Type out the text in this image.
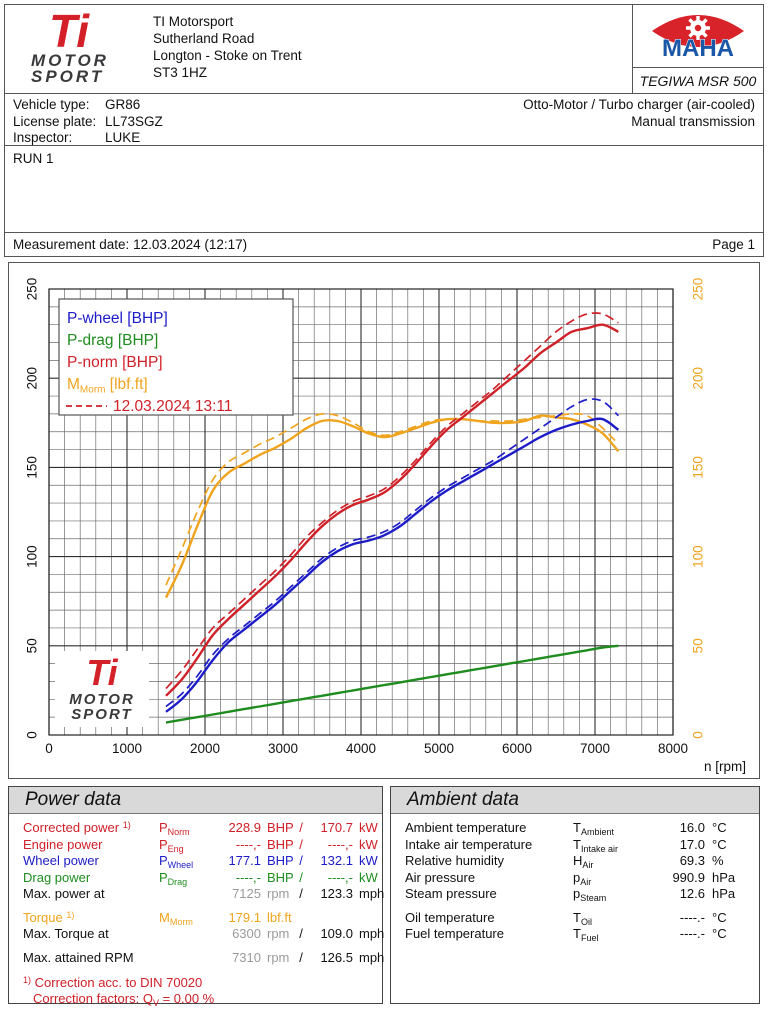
Ti
MOTOR
SPORT
TI Motorsport
Sutherland Road
Longton - Stoke on Trent
ST3 1HZ
MAHA
TEGIWA MSR 500
Vehicle type: GR86
License plate: LL73SGZ
Inspector: LUKE
Otto-Motor / Turbo charger (air-cooled)
Manual transmission
RUN 1
Measurement date: 12.03.2024 (12:17)	Page 1
0	1000	2000	3000	4000	5000	6000	7000	8000
n [rpm]
0
50
100
150
200
250
0
50
100
150
200
250
Ti
MOTOR
SPORT
P-wheel [BHP]
P-drag [BHP]
P-norm [BHP]
$M_{Morm}$ [lbf.ft]
12.03.2024 13:11
Power data
Corrected power $^{1)}$	$P_{Norm}$	228.9 BHP /	170.7 kW
Engine power	$P_{Eng}$	----,- BHP /	----,- kW
Wheel power	$P_{Wheel}$	177.1 BHP /	132.1 kW
Drag power	$P_{Drag}$	----,- BHP /	----,- kW
Max. power at	7125 rpm /	123.3 mph
Torque $^{1)}$	$M_{Morm}$	179.1 lbf.ft
Max. Torque at	6300 rpm /	109.0 mph
Max. attained RPM	7310 rpm /	126.5 mph
$^{1)}$ Correction acc. to DIN 70020
Correction factors: $Q_V = 0.00$ %
Ambient data
Ambient temperature	$T_{Ambient}$	16.0 °C
Intake air temperature	$T_{Intake air}$	17.0 °C
Relative humidity	$H_{Air}$	69.3 %
Air pressure	$p_{Air}$	990.9 hPa
Steam pressure	$p_{Steam}$	12.6 hPa
Oil temperature	$T_{Oil}$	----.- °C
Fuel temperature	$T_{Fuel}$	----.- °C
